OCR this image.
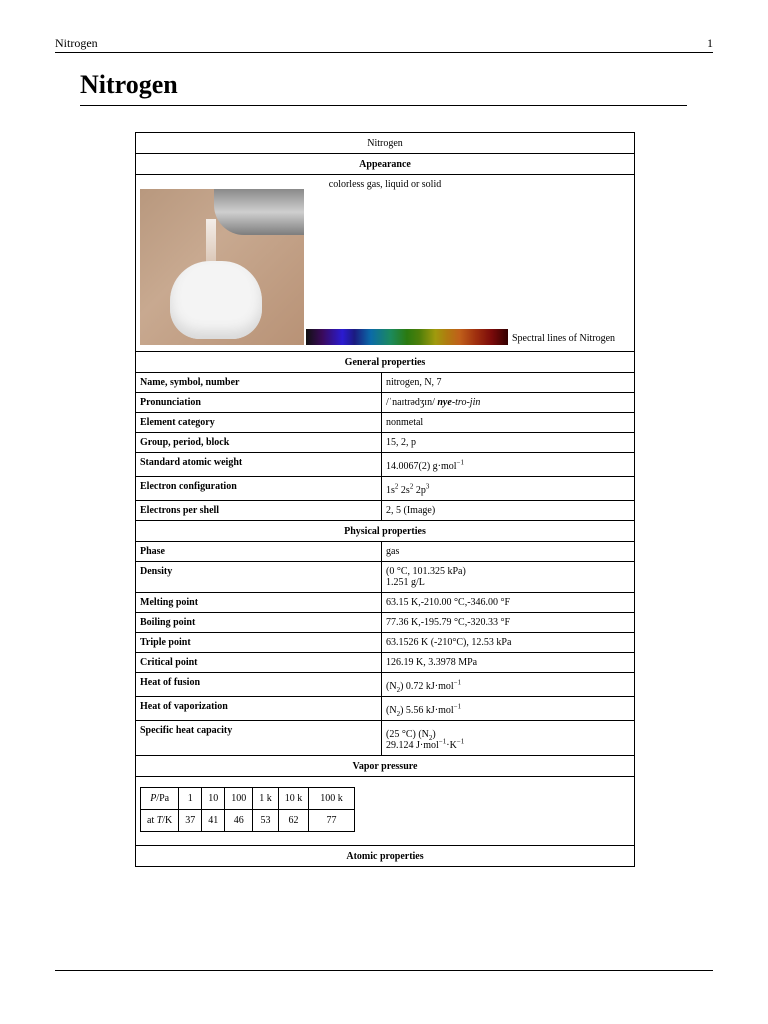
Nitrogen	1
Nitrogen
Nitrogen
Appearance
colorless gas, liquid or solid
Spectral lines of Nitrogen
General properties
Name, symbol, number	nitrogen, N, 7
Pronunciation	/ˈnaɪtrədʒɪn/ nye-tro-jin
Element category	nonmetal
Group, period, block	15, 2, p
Standard atomic weight	14.0067(2) g·mol$^{-1}$
Electron configuration	$1s^2$ $2s^2$ $2p^3$
Electrons per shell	2, 5 (Image)
Physical properties
Phase	gas
Density	(0 °C, 101.325 kPa)
1.251 g/L
Melting point	63.15 K,-210.00 °C,-346.00 °F
Boiling point	77.36 K,-195.79 °C,-320.33 °F
Triple point	63.1526 K (-210°C), 12.53 kPa
Critical point	126.19 K, 3.3978 MPa
Heat of fusion	$(N_2)$ 0.72 kJ·mol$^{-1}$
Heat of vaporization	$(N_2)$ 5.56 kJ·mol$^{-1}$
Specific heat capacity	(25 °C) $(N_2)$
29.124 $J\cdot mol^{-1}\cdot K^{-1}$
Vapor pressure
P/Pa	1	10	100	1 k	10 k	100 k
at T/K	37	41	46	53	62	77
Atomic properties
